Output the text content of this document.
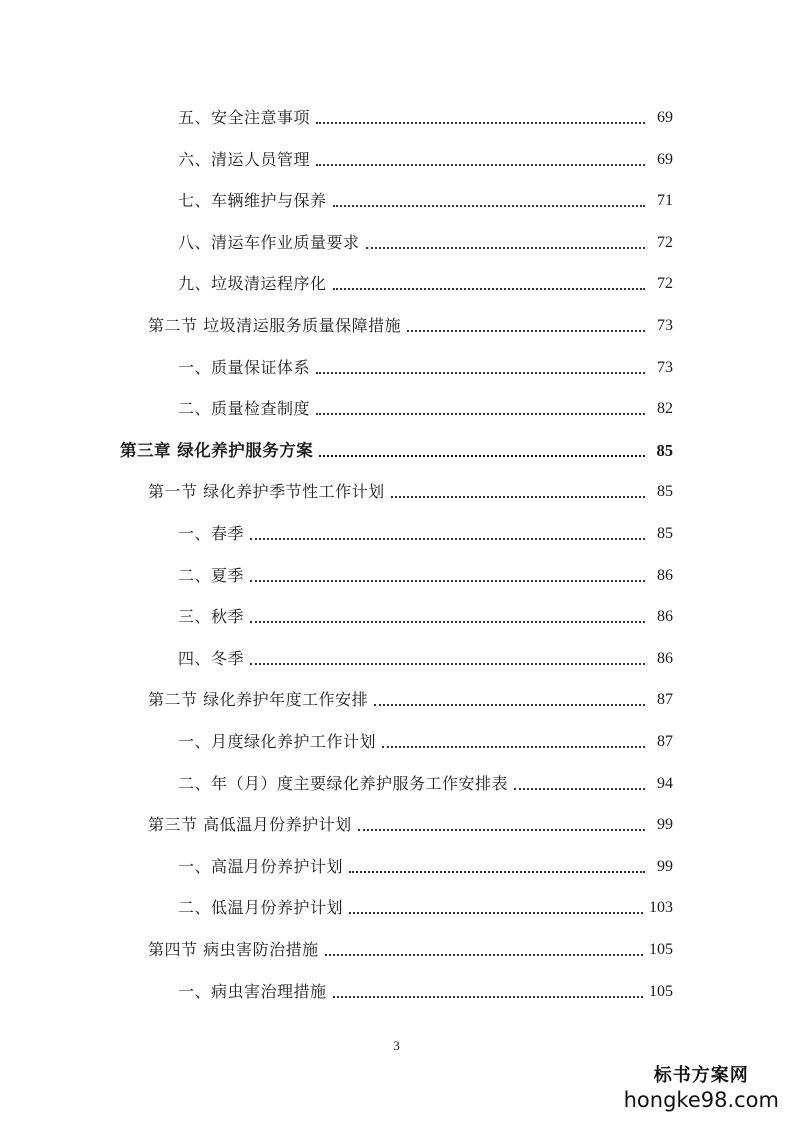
五、安全注意事项	69
六、清运人员管理	69
七、车辆维护与保养	71
八、清运车作业质量要求	72
九、垃圾清运程序化	72
第二节 垃圾清运服务质量保障措施	73
一、质量保证体系	73
二、质量检查制度	82
第三章 绿化养护服务方案	85
第一节 绿化养护季节性工作计划	85
一、春季	85
二、夏季	86
三、秋季	86
四、冬季	86
第二节 绿化养护年度工作安排	87
一、月度绿化养护工作计划	87
二、年（月）度主要绿化养护服务工作安排表	94
第三节 高低温月份养护计划	99
一、高温月份养护计划	99
二、低温月份养护计划	103
第四节 病虫害防治措施	105
一、病虫害治理措施	105
3
标书方案网
hongke98.com
